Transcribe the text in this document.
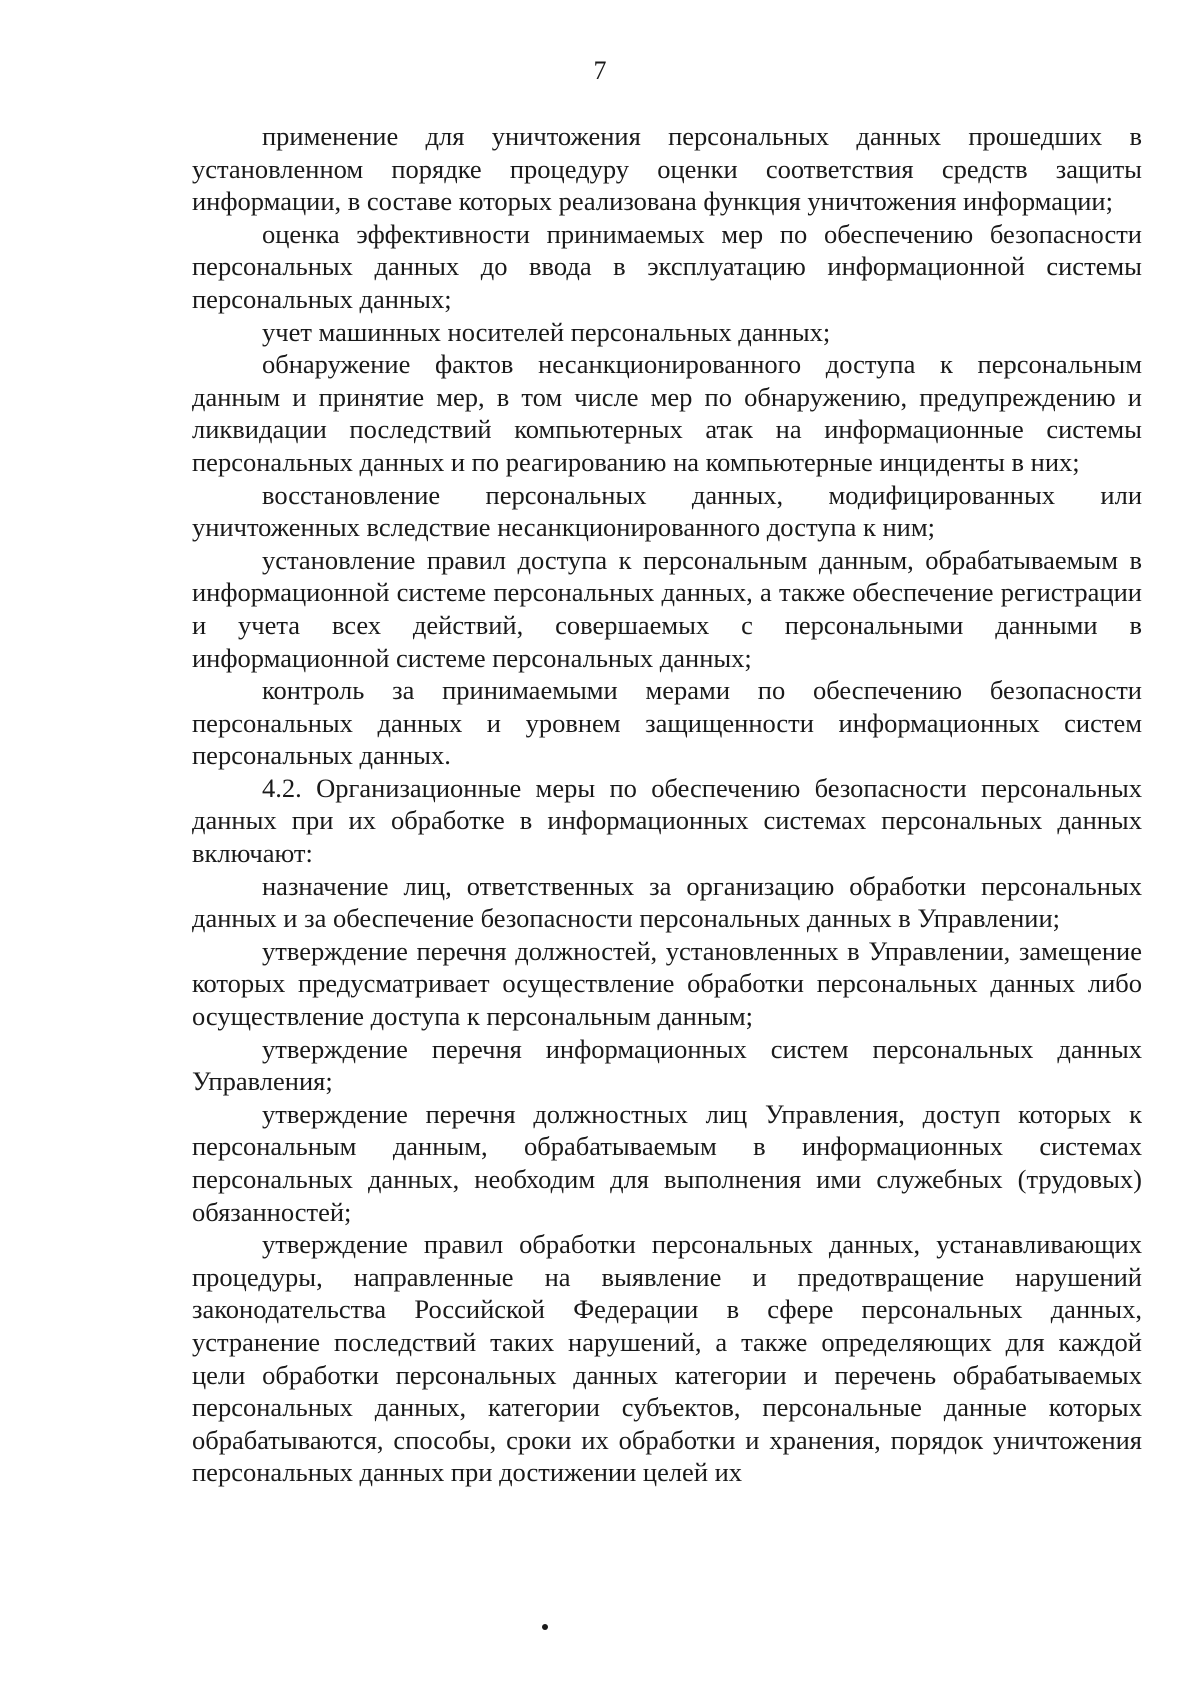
7

применение для уничтожения персональных данных прошедших в установленном порядке процедуру оценки соответствия средств защиты информации, в составе которых реализована функция уничтожения информации;

оценка эффективности принимаемых мер по обеспечению безопасности персональных данных до ввода в эксплуатацию информационной системы персональных данных;

учет машинных носителей персональных данных;

обнаружение фактов несанкционированного доступа к персональным данным и принятие мер, в том числе мер по обнаружению, предупреждению и ликвидации последствий компьютерных атак на информационные системы персональных данных и по реагированию на компьютерные инциденты в них;

восстановление персональных данных, модифицированных или уничтоженных вследствие несанкционированного доступа к ним;

установление правил доступа к персональным данным, обрабатываемым в информационной системе персональных данных, а также обеспечение регистрации и учета всех действий, совершаемых с персональными данными в информационной системе персональных данных;

контроль за принимаемыми мерами по обеспечению безопасности персональных данных и уровнем защищенности информационных систем персональных данных.

4.2. Организационные меры по обеспечению безопасности персональных данных при их обработке в информационных системах персональных данных включают:

назначение лиц, ответственных за организацию обработки персональных данных и за обеспечение безопасности персональных данных в Управлении;

утверждение перечня должностей, установленных в Управлении, замещение которых предусматривает осуществление обработки персональных данных либо осуществление доступа к персональным данным;

утверждение перечня информационных систем персональных данных Управления;

утверждение перечня должностных лиц Управления, доступ которых к персональным данным, обрабатываемым в информационных системах персональных данных, необходим для выполнения ими служебных (трудовых) обязанностей;

утверждение правил обработки персональных данных, устанавливающих процедуры, направленные на выявление и предотвращение нарушений законодательства Российской Федерации в сфере персональных данных, устранение последствий таких нарушений, а также определяющих для каждой цели обработки персональных данных категории и перечень обрабатываемых персональных данных, категории субъектов, персональные данные которых обрабатываются, способы, сроки их обработки и хранения, порядок уничтожения персональных данных при достижении целей их
